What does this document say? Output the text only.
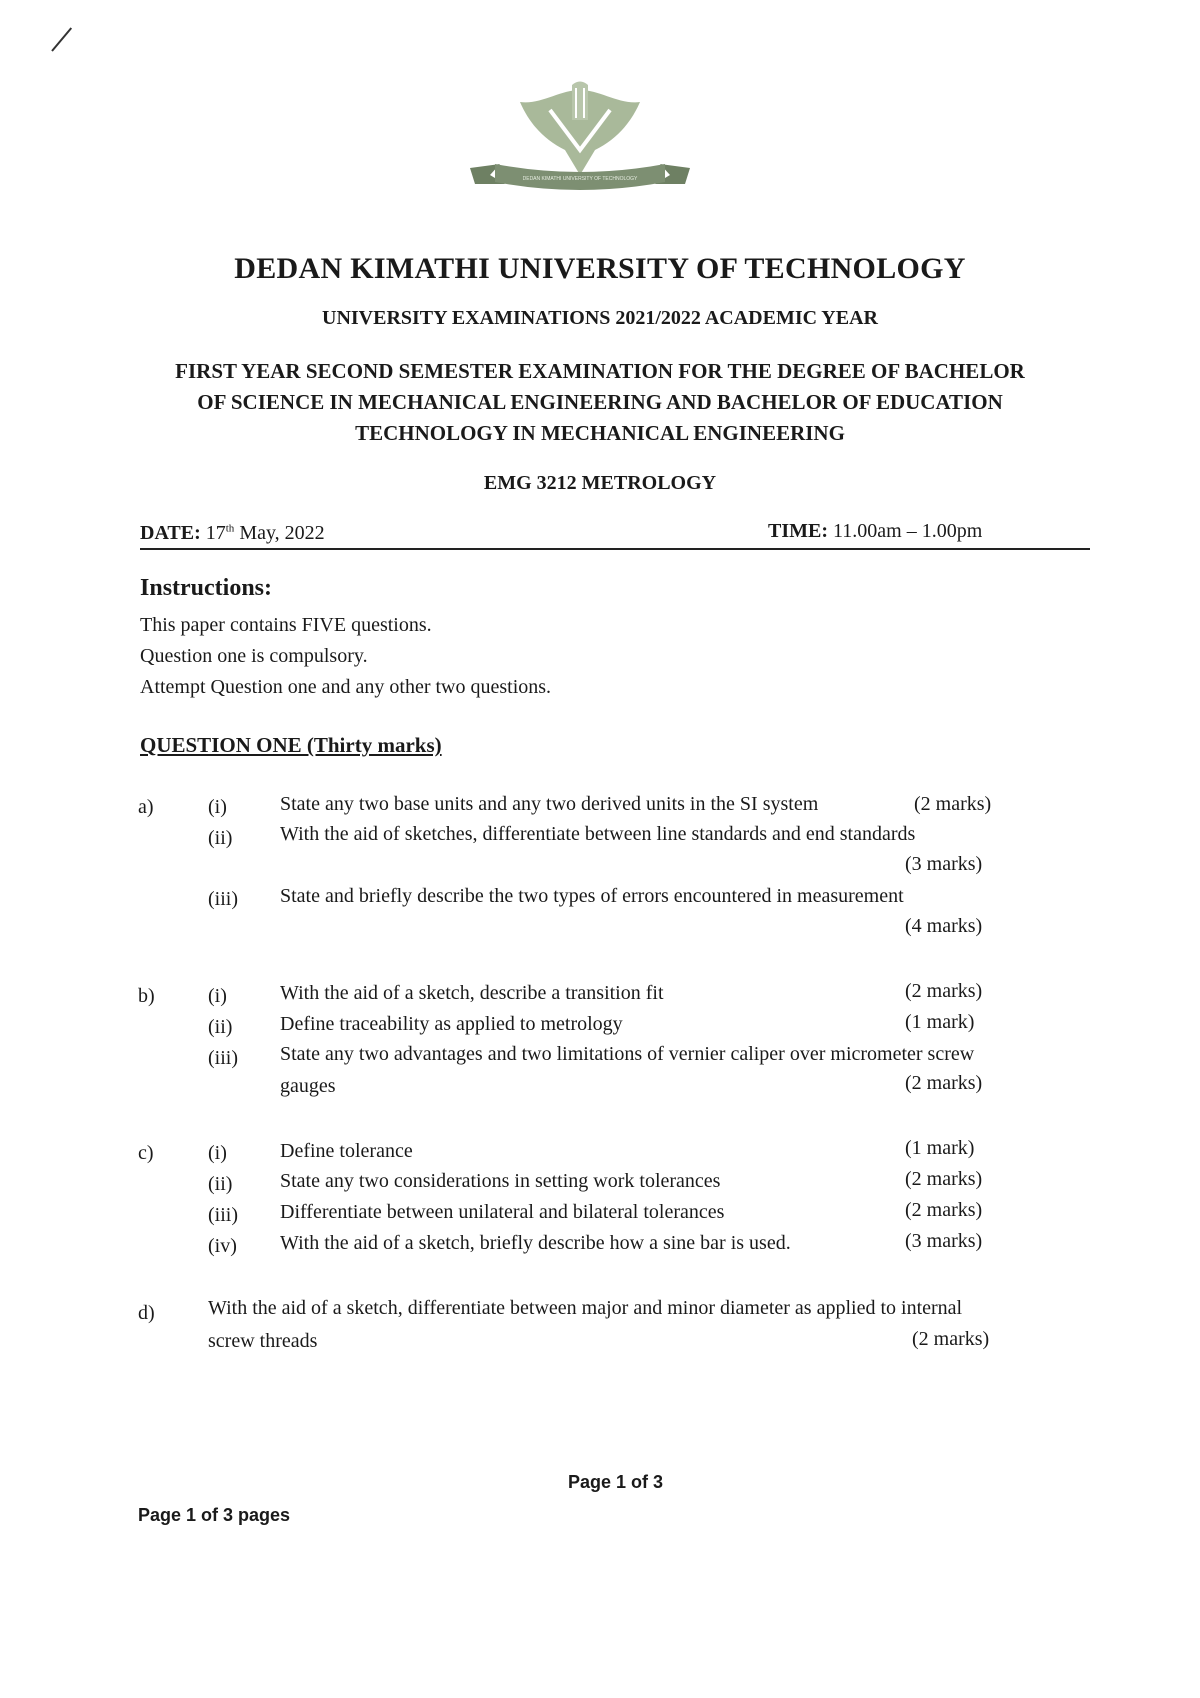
DEDAN KIMATHI UNIVERSITY OF TECHNOLOGY
DEDAN KIMATHI UNIVERSITY OF TECHNOLOGY
UNIVERSITY EXAMINATIONS 2021/2022 ACADEMIC YEAR
FIRST YEAR SECOND SEMESTER EXAMINATION FOR THE DEGREE OF BACHELOR
OF SCIENCE IN MECHANICAL ENGINEERING AND BACHELOR OF EDUCATION
TECHNOLOGY IN MECHANICAL ENGINEERING
EMG 3212 METROLOGY
DATE: 17th May, 2022	TIME: 11.00am – 1.00pm
Instructions:
This paper contains FIVE questions.
Question one is compulsory.
Attempt Question one and any other two questions.
QUESTION ONE (Thirty marks)
a)	(i)	State any two base units and any two derived units in the SI system	(2 marks)
(ii) With the aid of sketches, differentiate between line standards and end standards
(3 marks)
(iii) State and briefly describe the two types of errors encountered in measurement
(4 marks)
b)	(i)	With the aid of a sketch, describe a transition fit	(2 marks)
(ii) Define traceability as applied to metrology	(1 mark)
(iii) State any two advantages and two limitations of vernier caliper over micrometer screw
gauges	(2 marks)
c)	(i)	Define tolerance	(1 mark)
(ii) State any two considerations in setting work tolerances	(2 marks)
(iii) Differentiate between unilateral and bilateral tolerances	(2 marks)
(iv) With the aid of a sketch, briefly describe how a sine bar is used.	(3 marks)
d)	With the aid of a sketch, differentiate between major and minor diameter as applied to internal
screw threads	(2 marks)
Page 1 of 3
Page 1 of 3 pages
